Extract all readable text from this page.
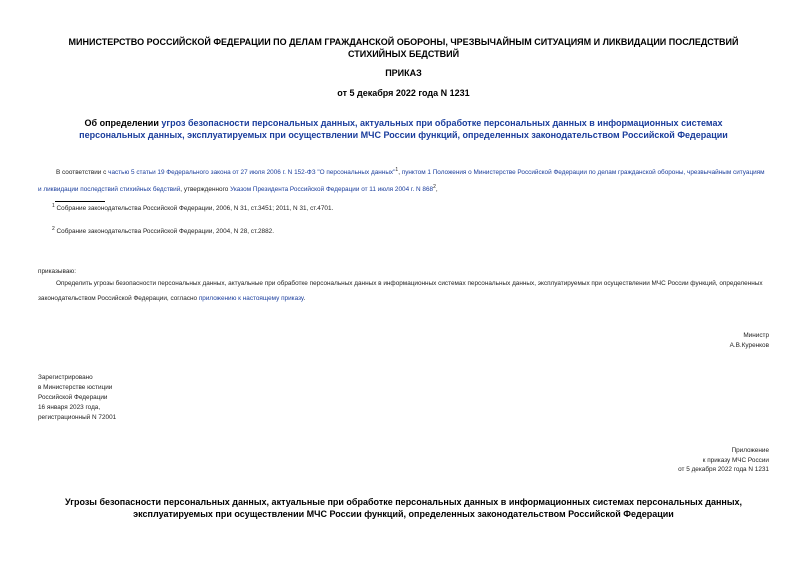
МИНИСТЕРСТВО РОССИЙСКОЙ ФЕДЕРАЦИИ ПО ДЕЛАМ ГРАЖДАНСКОЙ ОБОРОНЫ, ЧРЕЗВЫЧАЙНЫМ СИТУАЦИЯМ И ЛИКВИДАЦИИ ПОСЛЕДСТВИЙ СТИХИЙНЫХ БЕДСТВИЙ
ПРИКАЗ
от 5 декабря 2022 года N 1231
Об определении угроз безопасности персональных данных, актуальных при обработке персональных данных в информационных системах персональных данных, эксплуатируемых при осуществлении МЧС России функций, определенных законодательством Российской Федерации
В соответствии с частью 5 статьи 19 Федерального закона от 27 июля 2006 г. N 152-ФЗ "О персональных данных"$^1$, пунктом 1 Положения о Министерстве Российской Федерации по делам гражданской обороны, чрезвычайным ситуациям и ликвидации последствий стихийных бедствий, утвержденного Указом Президента Российской Федерации от 11 июля 2004 г. N $868^2$,
$^1$ Собрание законодательства Российской Федерации, 2006, N 31, ст.3451; 2011, N 31, ст.4701.
$^2$ Собрание законодательства Российской Федерации, 2004, N 28, ст.2882.
приказываю:
Определить угрозы безопасности персональных данных, актуальные при обработке персональных данных в информационных системах персональных данных, эксплуатируемых при осуществлении МЧС России функций, определенных законодательством Российской Федерации, согласно приложению к настоящему приказу.
Министр
А.В.Куренков
Зарегистрировано
в Министерстве юстиции
Российской Федерации
16 января 2023 года,
регистрационный N 72001
Приложение
к приказу МЧС России
от 5 декабря 2022 года N 1231
Угрозы безопасности персональных данных, актуальные при обработке персональных данных в информационных системах персональных данных, эксплуатируемых при осуществлении МЧС России функций, определенных законодательством Российской Федерации
